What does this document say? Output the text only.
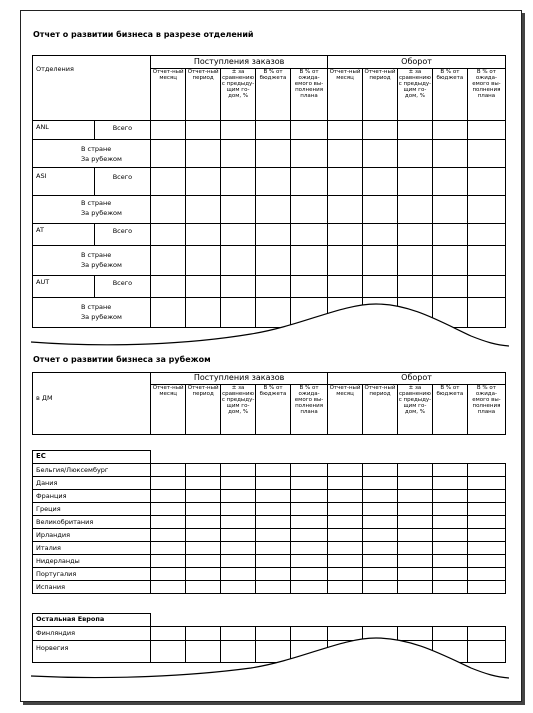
Отчет о развитии бизнеса в разрезе отделений
Отделения		Поступления заказов					Оборот				
		Отчет-ный месяц	Отчет-ный период	± за сравнению с предыду-щим го-дом, %	В % от бюджета	В % от ожида-емого вы-полнения плана	Отчет-ный месяц	Отчет-ный период	± за сравнению с предыду-щим го-дом, %	В % от бюджета	В % от ожида-емого вы-полнения плана
ANL	Всего										

В стране
За рубежом											

ASI	Всего										

В стране
За рубежом											

AT	Всего										

В стране
За рубежом											

AUT	Всего										

В стране
За рубежом											

Отчет о развитии бизнеса за рубежом
в ДМ	Поступления заказов					Оборот				
	Отчет-ный месяц	Отчет-ный период	± за сравнению с предыду-щим го-дом, %	В % от бюджета	В % от ожида-емого вы-полнения плана	Отчет-ный месяц	Отчет-ный период	± за сравнению с предыду-щим го-дом, %	В % от бюджета	В % от ожида-емого вы-полнения плана
ЕС										
Бельгия/Люксембург										
Дания										
Франция										
Греция										
Великобритания										
Ирландия										
Италия										
Нидерланды										
Португалия										
Испания										
Остальная Европа										
Финляндия										
Норвегия										
